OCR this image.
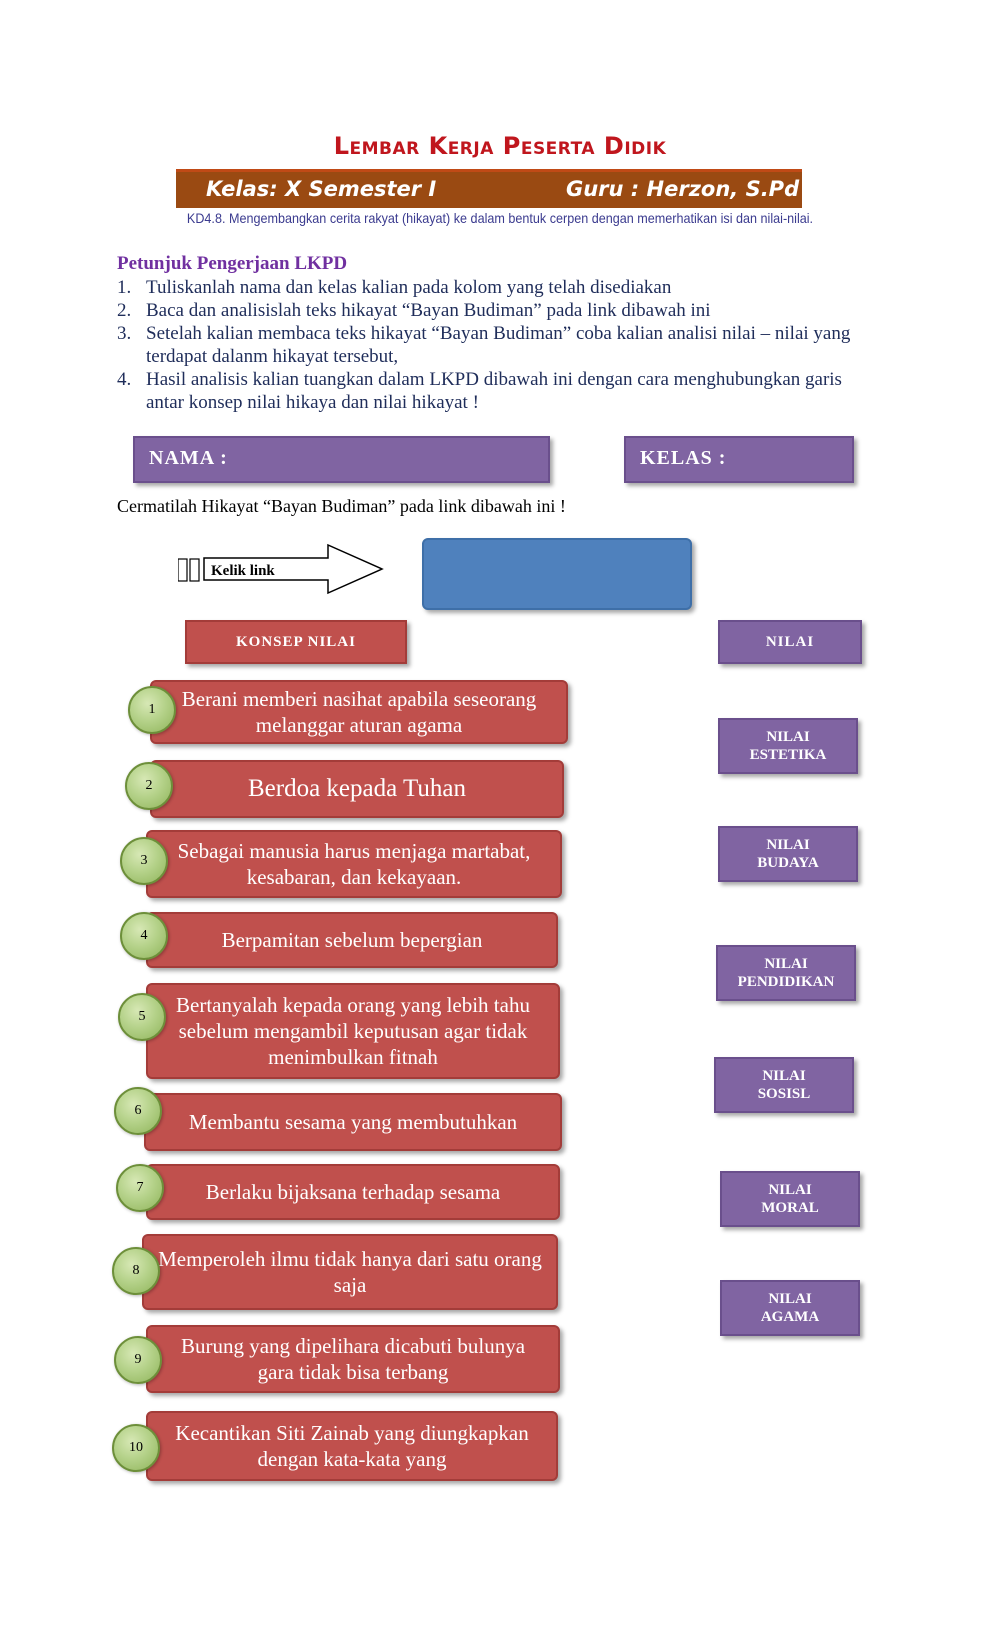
Lembar Kerja Peserta Didik
Kelas: X Semester I	Guru : Herzon, S.Pd
KD4.8. Mengembangkan cerita rakyat (hikayat) ke dalam bentuk cerpen dengan memerhatikan isi dan nilai-nilai.
Petunjuk Pengerjaan LKPD
1. Tuliskanlah nama dan kelas kalian pada kolom yang telah disediakan
2. Baca dan analisislah teks hikayat “Bayan Budiman” pada link dibawah ini
3. Setelah kalian membaca teks hikayat “Bayan Budiman” coba kalian analisi nilai – nilai yang terdapat dalanm hikayat tersebut,
4. Hasil analisis kalian tuangkan dalam LKPD dibawah ini dengan cara menghubungkan garis antar konsep nilai hikaya dan nilai hikayat !
NAMA :	KELAS :
Cermatilah Hikayat “Bayan Budiman” pada link dibawah ini !
Kelik link
KONSEP NILAI	NILAI
Berani memberi nasihat apabila seseorang melanggar aturan agama
1
Berdoa kepada Tuhan
2
Sebagai manusia harus menjaga martabat, kesabaran, dan kekayaan.
3
Berpamitan sebelum bepergian
4
Bertanyalah kepada orang yang lebih tahu sebelum mengambil keputusan agar tidak menimbulkan fitnah
5
Membantu sesama yang membutuhkan
6
Berlaku bijaksana terhadap sesama
7
Memperoleh ilmu tidak hanya dari satu orang saja
8
Burung yang dipelihara dicabuti bulunya gara tidak bisa terbang
9
Kecantikan Siti Zainab yang diungkapkan dengan kata-kata yang
10
NILAI
ESTETIKA
NILAI
BUDAYA
NILAI
PENDIDIKAN
NILAI
SOSISL
NILAI
MORAL
NILAI
AGAMA
